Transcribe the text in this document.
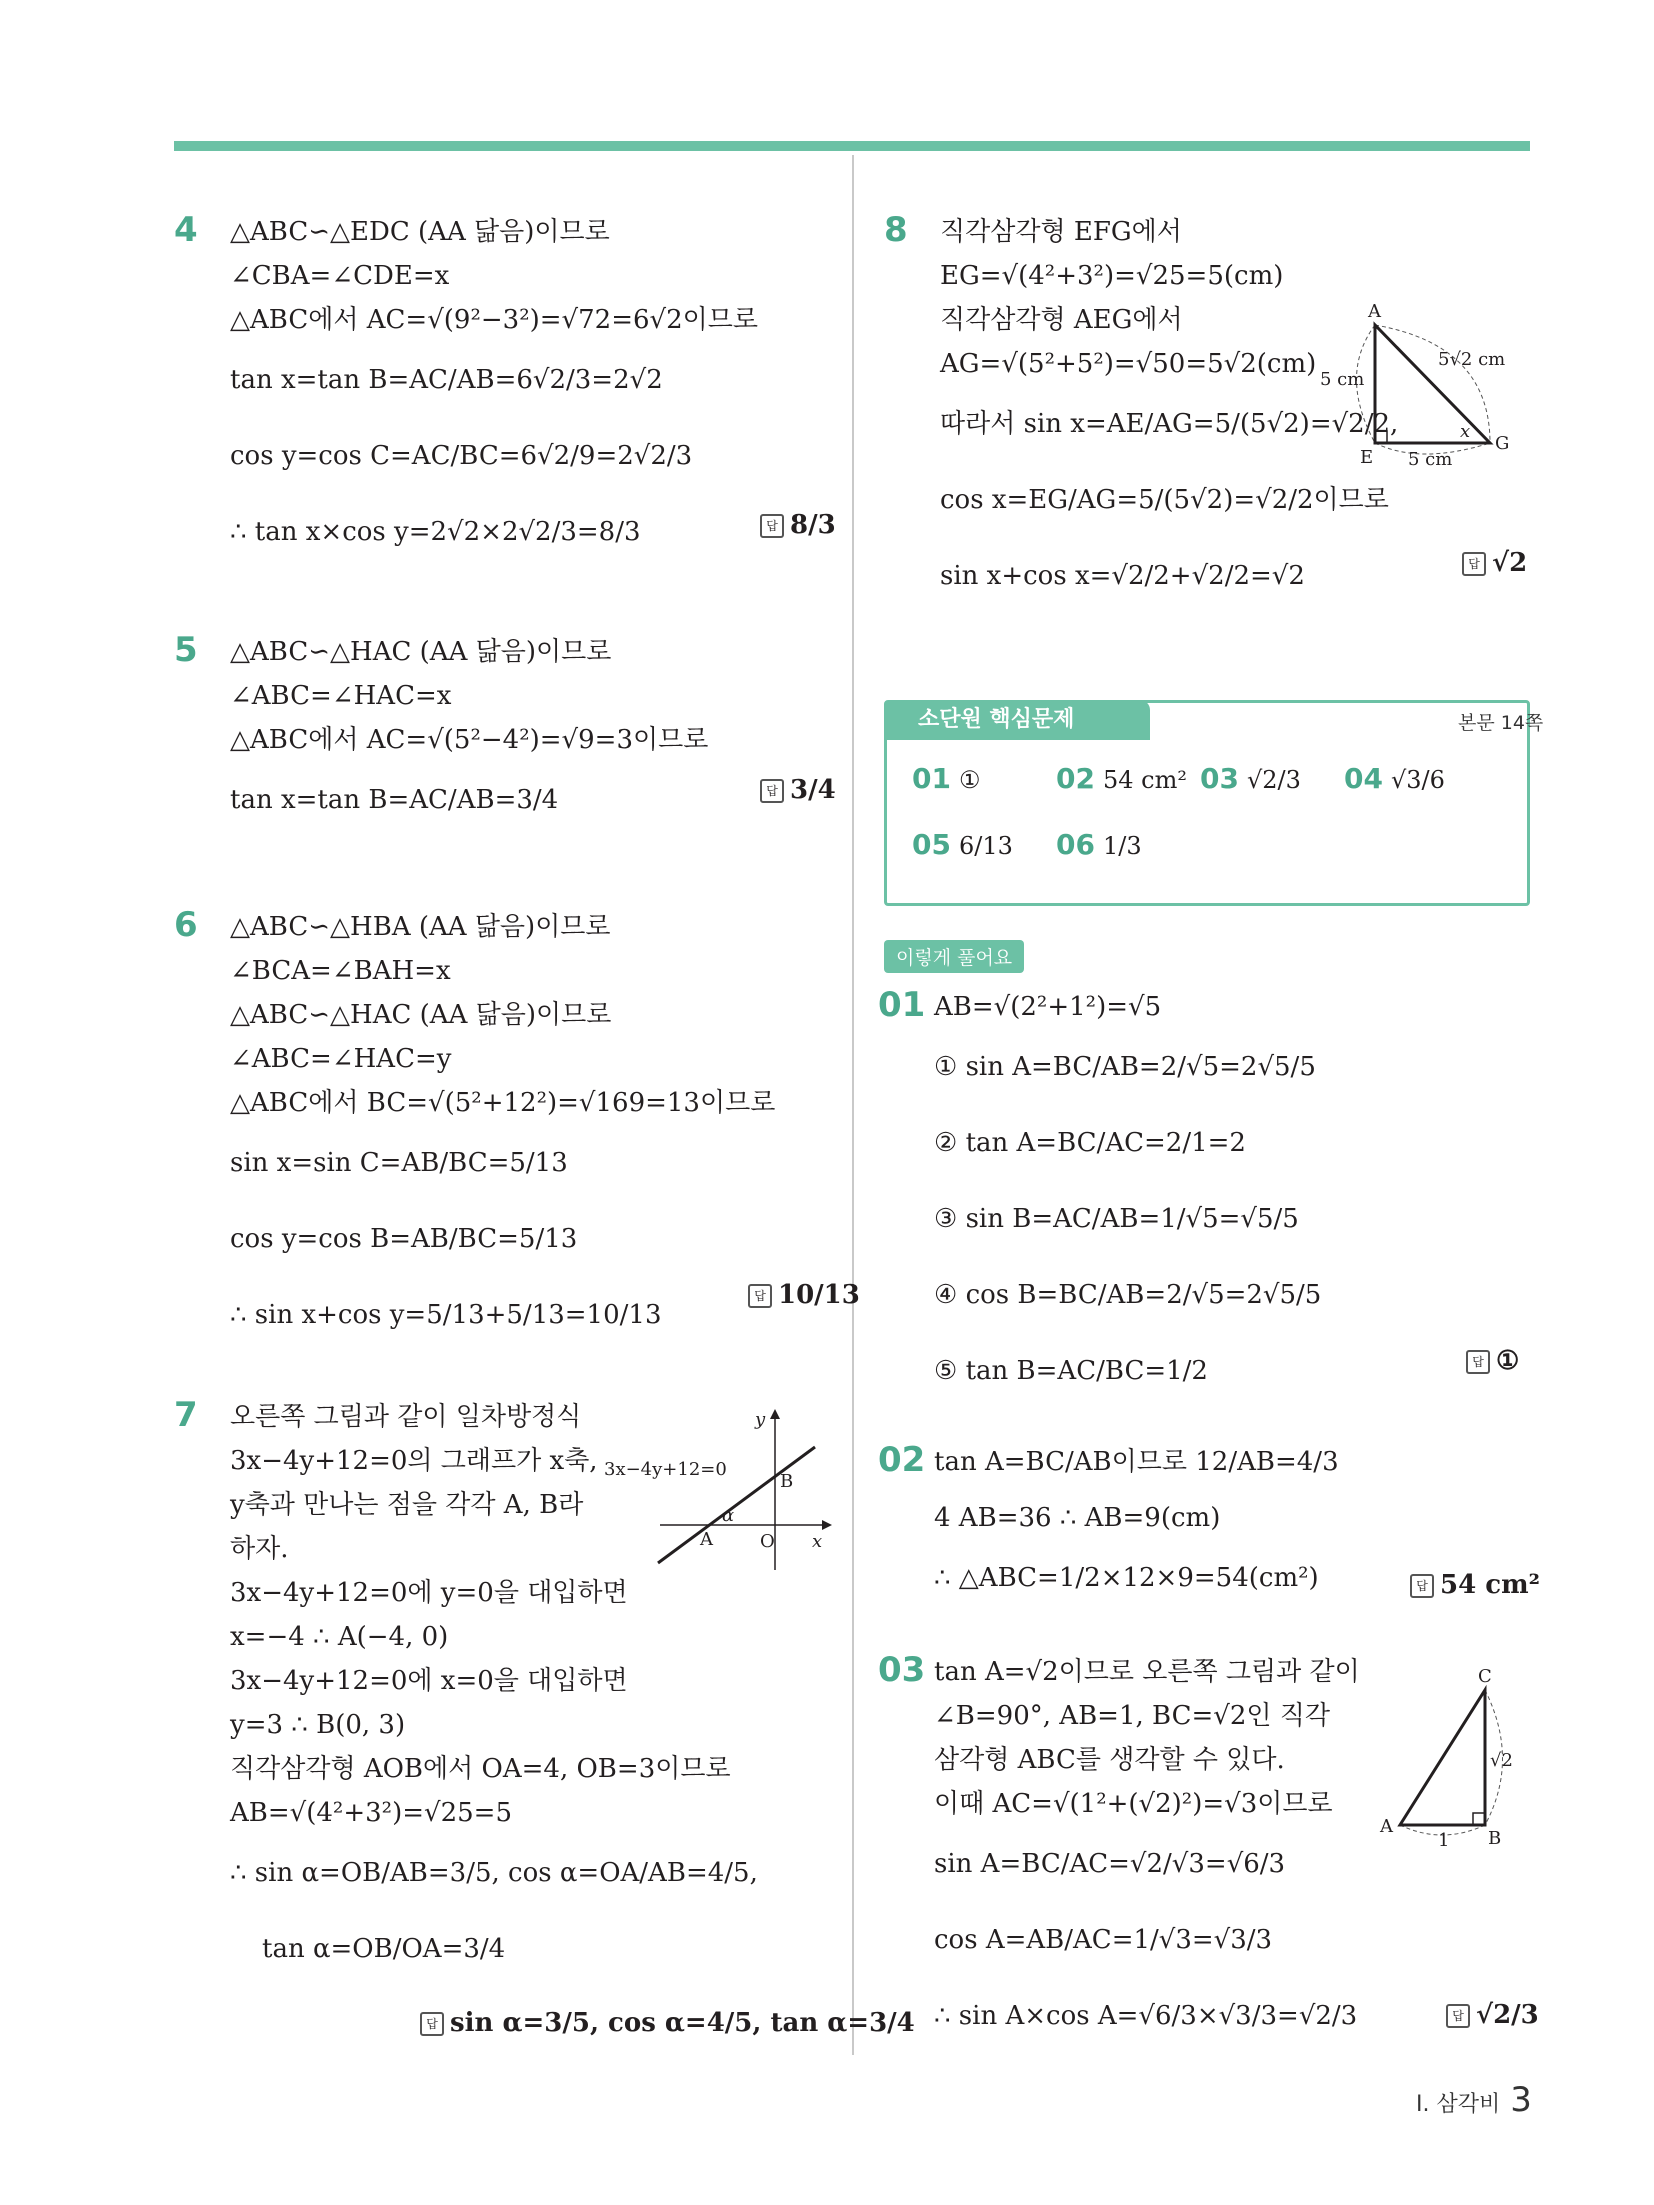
4 △ABC∽△EDC (AA 닮음)이므로
∠CBA=∠CDE=x
△ABC에서 AC=√(9²−3²)=√72=6√2이므로
tan x=tan B=AC/AB=6√2/3=2√2
cos y=cos C=AC/BC=6√2/9=2√2/3
∴ tan x×cos y=2√2×2√2/3=8/3	답 8/3
5 △ABC∽△HAC (AA 닮음)이므로
∠ABC=∠HAC=x
△ABC에서 AC=√(5²−4²)=√9=3이므로
tan x=tan B=AC/AB=3/4	답 3/4
6 △ABC∽△HBA (AA 닮음)이므로
∠BCA=∠BAH=x
△ABC∽△HAC (AA 닮음)이므로
∠ABC=∠HAC=y
△ABC에서 BC=√(5²+12²)=√169=13이므로
sin x=sin C=AB/BC=5/13
cos y=cos B=AB/BC=5/13
∴ sin x+cos y=5/13+5/13=10/13
답 10/13
7 오른쪽 그림과 같이 일차방정식
3x−4y+12=0의 그래프가 x축,
y축과 만나는 점을 각각 A, B라
하자.
3x−4y+12=0에 y=0을 대입하면
x=−4 ∴ A(−4, 0)
3x−4y+12=0에 x=0을 대입하면
y=3 ∴ B(0, 3)
직각삼각형 AOB에서 OA=4, OB=3이므로
AB=√(4²+3²)=√25=5
∴ sin α=OB/AB=3/5, cos α=OA/AB=4/5,
tan α=OB/OA=3/4
답 sin α=3/5, cos α=4/5, tan α=3/4
3x−4y+12=0
y
x
O
A
B
α
8 직각삼각형 EFG에서
EG=√(4²+3²)=√25=5(cm)
직각삼각형 AEG에서
AG=√(5²+5²)=√50=5√2(cm)
따라서 sin x=AE/AG=5/(5√2)=√2/2,
cos x=EG/AG=5/(5√2)=√2/2이므로
sin x+cos x=√2/2+√2/2=√2	답 √2
A
E
G
x
5 cm
5 cm
5√2 cm
소단원 핵심문제	본문 14쪽
01 ①	02 54 cm² 03 √2/3 04 √3/6
05 6/13 06 1/3
이렇게 풀어요
01 AB=√(2²+1²)=√5
① sin A=BC/AB=2/√5=2√5/5
② tan A=BC/AC=2/1=2
③ sin B=AC/AB=1/√5=√5/5
④ cos B=BC/AB=2/√5=2√5/5
⑤ tan B=AC/BC=1/2	답 ①
02 tan A=BC/AB이므로 12/AB=4/3
4 AB=36 ∴ AB=9(cm)
∴ △ABC=1/2×12×9=54(cm²)	답 54 cm²
03 tan A=√2이므로 오른쪽 그림과 같이
∠B=90°, AB=1, BC=√2인 직각
삼각형 ABC를 생각할 수 있다.
이때 AC=√(1²+(√2)²)=√3이므로
sin A=BC/AC=√2/√3=√6/3
cos A=AB/AC=1/√3=√3/3
∴ sin A×cos A=√6/3×√3/3=√2/3	답 √2/3
C
A
B
1
√2
Ⅰ. 삼각비 3
